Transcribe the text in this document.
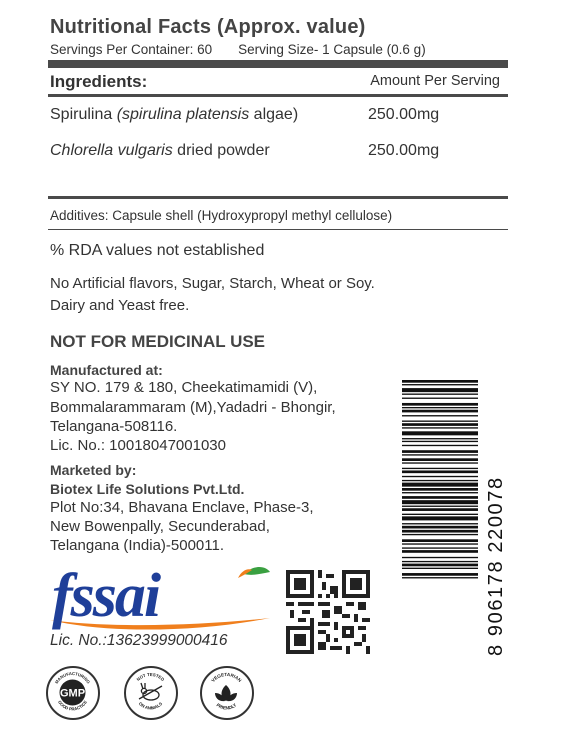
Nutritional Facts (Approx. value)
Servings Per Container: 60 Serving Size- 1 Capsule (0.6 g)
Ingredients:	Amount Per Serving
Spirulina (spirulina platensis algae)	250.00mg
Chlorella vulgaris dried powder	250.00mg
Additives: Capsule shell (Hydroxypropyl methyl cellulose)
% RDA values not established
No Artificial flavors, Sugar, Starch, Wheat or Soy.
Dairy and Yeast free.
NOT FOR MEDICINAL USE
Manufactured at:
SY NO. 179 & 180, Cheekatimamidi (V),
Bommalarammaram (M),Yadadri - Bhongir,
Telangana-508116.
Lic. No.: 10018047001030
Marketed by:
Biotex Life Solutions Pvt.Ltd.
Plot No:34, Bhavana Enclave, Phase-3,
New Bowenpally, Secunderabad,
Telangana (India)-500011.
fssai
Lic. No.:13623999000416	8 906178 220078
GMP
MANUFACTURING
GOOD PRACTICE
NOT TESTED
ON ANIMALS
VEGETARIAN
FRIENDLY
